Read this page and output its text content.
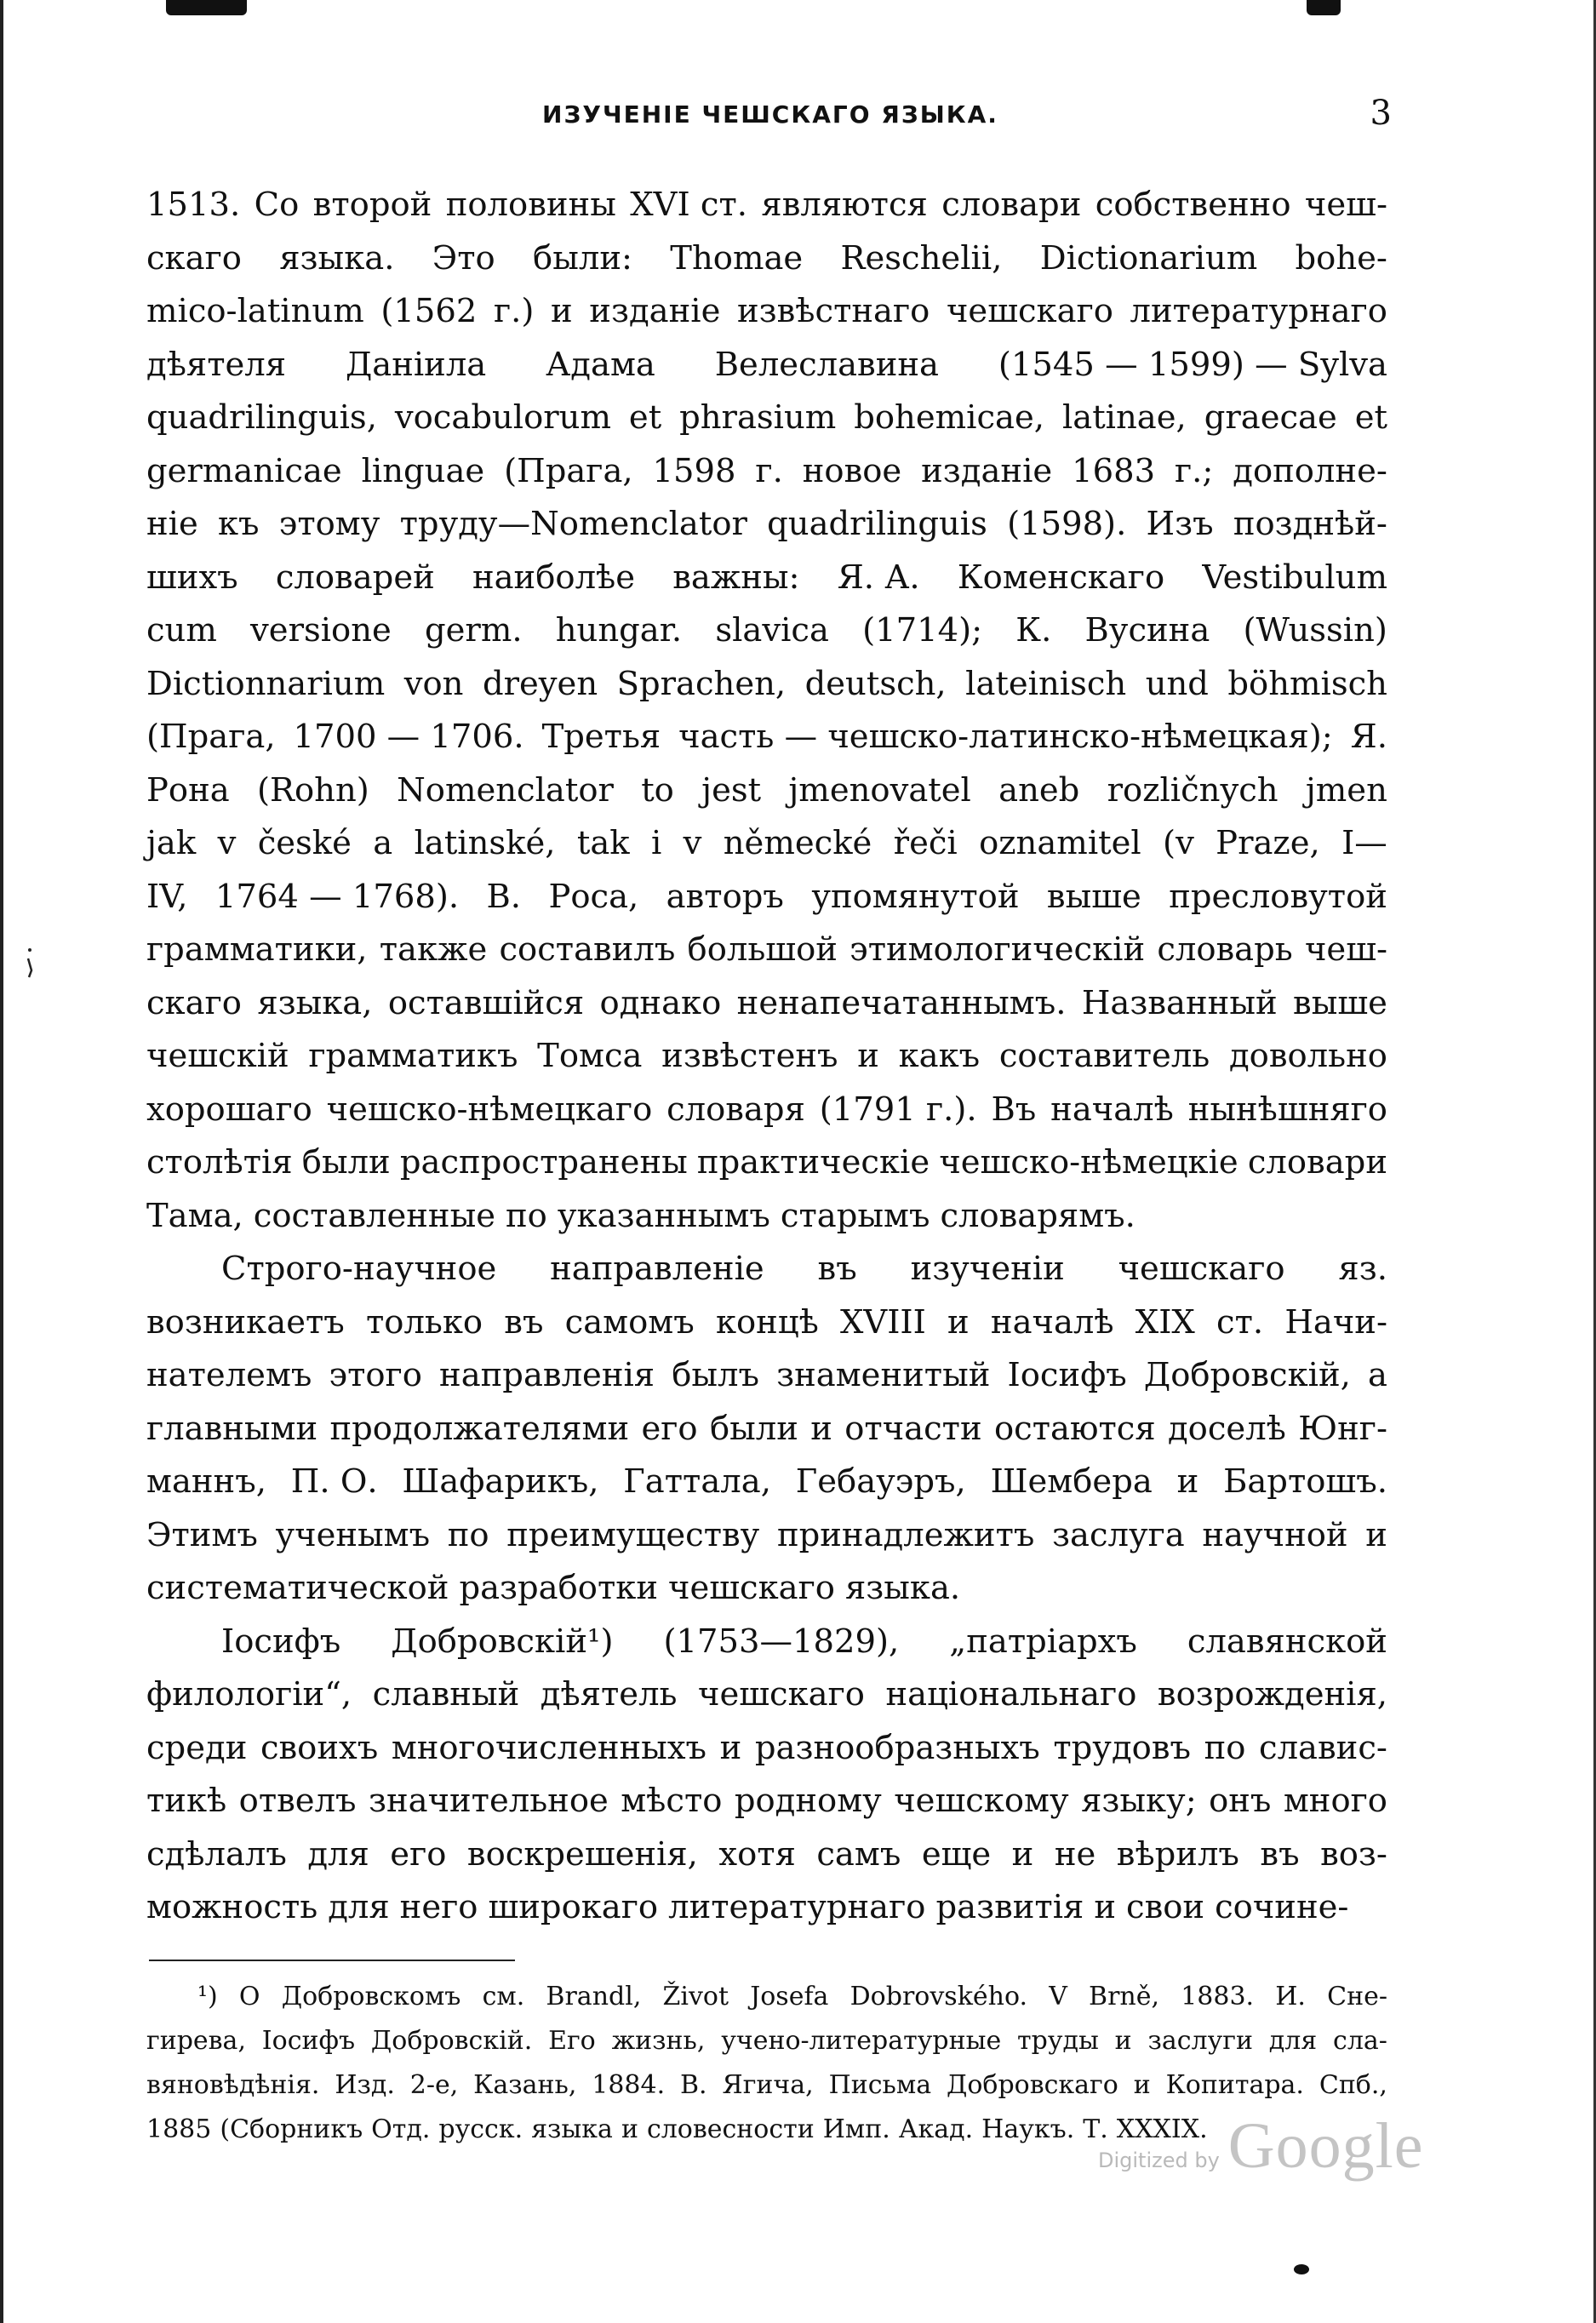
ИЗУЧЕНІЕ ЧЕШСКАГО ЯЗЫКА.	3
1513. Со второй половины XVI ст. являются словари собственно чеш-
скаго языка. Это были: Thomae Reschelii, Dictionarium bohe-
mico-latinum (1562 г.) и изданіе извѣстнаго чешскаго литературнаго
дѣятеля Даніила Адама Велеславина (1545 — 1599) — Sylva
quadrilinguis, vocabulorum et phrasium bohemicae, latinae, graecae et
germanicae linguae (Прага, 1598 г. новое изданіе 1683 г.; дополне-
ніе къ этому труду—Nomenclator quadrilinguis (1598). Изъ позднѣй-
шихъ словарей наиболѣе важны: Я. А. Коменскаго Vestibulum
cum versione germ. hungar. slavica (1714); К. Вусина (Wussin)
Dictionnarium von dreyen Sprachen, deutsch, lateinisch und böhmisch
(Прага, 1700 — 1706. Третья часть — чешско-латинско-нѣмецкая); Я.
Рона (Rohn) Nomenclator to jest jmenovatel aneb rozličnych jmen
jak v české a latinské, tak i v německé řeči oznamitel (v Praze, I—
IV, 1764 — 1768). В. Роса, авторъ упомянутой выше пресловутой
грамматики, также составилъ большой этимологическій словарь чеш-
скаго языка, оставшійся однако ненапечатаннымъ. Названный выше
чешскій грамматикъ Томса извѣстенъ и какъ составитель довольно
хорошаго чешско-нѣмецкаго словаря (1791 г.). Въ началѣ нынѣшняго
столѣтія были распространены практическіе чешско-нѣмецкіе словари
Тама, составленные по указаннымъ старымъ словарямъ.
Строго-научное направленіе въ изученіи чешскаго яз.
возникаетъ только въ самомъ концѣ XVIII и началѣ XIX ст. Начи-
нателемъ этого направленія былъ знаменитый Іосифъ Добровскій, а
главными продолжателями его были и отчасти остаются доселѣ Юнг-
маннъ, П. О. Шафарикъ, Гаттала, Гебауэръ, Шембера и Бартошъ.
Этимъ ученымъ по преимуществу принадлежитъ заслуга научной и
систематической разработки чешскаго языка.
Іосифъ Добровскій¹) (1753—1829), „патріархъ славянской
филологіи“, славный дѣятель чешскаго національнаго возрожденія,
среди своихъ многочисленныхъ и разнообразныхъ трудовъ по славис-
тикѣ отвелъ значительное мѣсто родному чешскому языку; онъ много
сдѣлалъ для его воскрешенія, хотя самъ еще и не вѣрилъ въ воз-
можность для него широкаго литературнаго развитія и свои сочине-
¹) О Добровскомъ см. Brandl, Život Josefa Dobrovského. V Brně, 1883. И. Сне-
гирева, Іосифъ Добровскій. Его жизнь, учено-литературные труды и заслуги для сла-
вяновѣдѣнія. Изд. 2-е, Казань, 1884. В. Ягича, Письма Добровскаго и Копитара. Спб.,
1885 (Сборникъ Отд. русск. языка и словесности Имп. Акад. Наукъ. Т. XXXIX.
Digitized by Google
